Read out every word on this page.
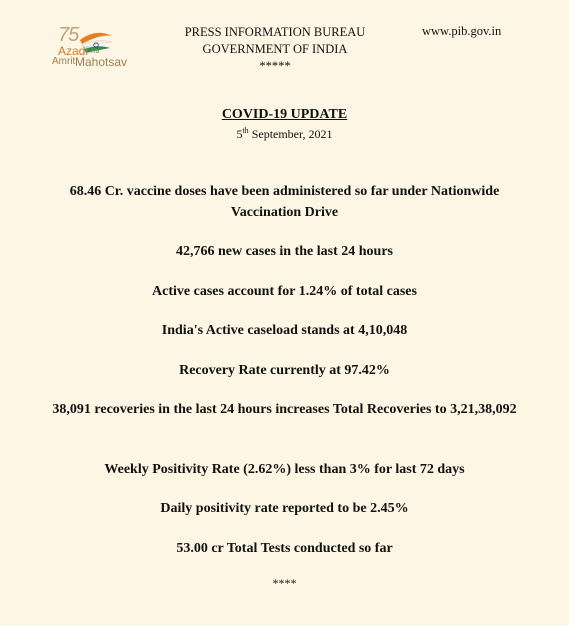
75
Azadi Ka
Amrit Mahotsav
PRESS INFORMATION BUREAU
GOVERNMENT OF INDIA
*****
www.pib.gov.in
COVID-19 UPDATE
5th September, 2021
68.46 Cr. vaccine doses have been administered so far under Nationwide Vaccination Drive
42,766 new cases in the last 24 hours
Active cases account for 1.24% of total cases
India's Active caseload stands at 4,10,048
Recovery Rate currently at 97.42%
38,091 recoveries in the last 24 hours increases Total Recoveries to 3,21,38,092
Weekly Positivity Rate (2.62%) less than 3% for last 72 days
Daily positivity rate reported to be 2.45%
53.00 cr Total Tests conducted so far
****
